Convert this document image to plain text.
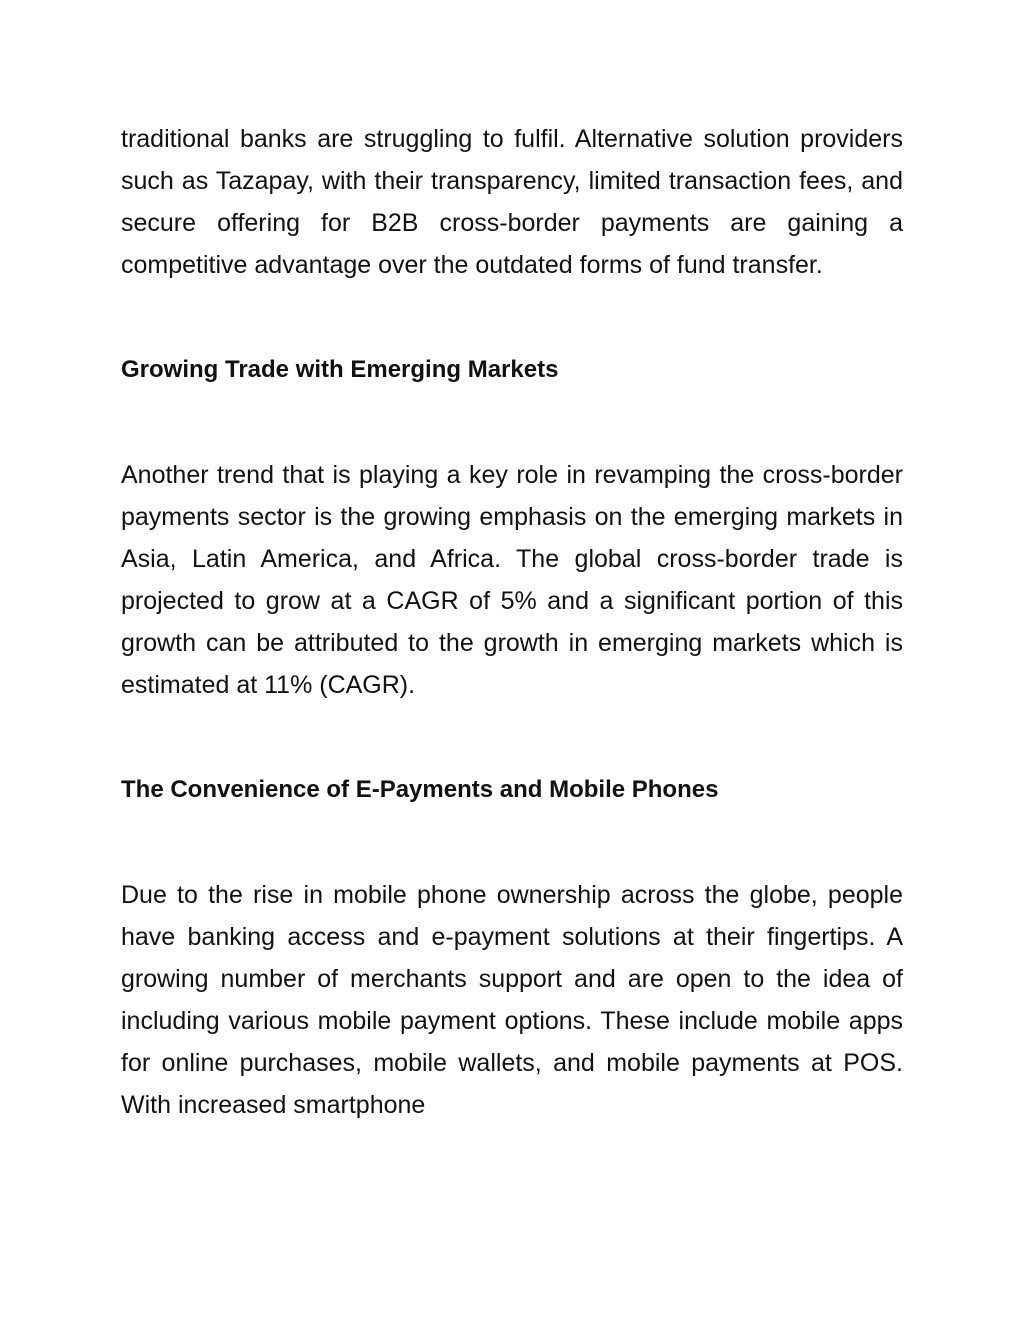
traditional banks are struggling to fulfil. Alternative solution providers such as Tazapay, with their transparency, limited transaction fees, and secure offering for B2B cross-border payments are gaining a competitive advantage over the outdated forms of fund transfer.

Growing Trade with Emerging Markets

Another trend that is playing a key role in revamping the cross-border payments sector is the growing emphasis on the emerging markets in Asia, Latin America, and Africa. The global cross-border trade is projected to grow at a CAGR of 5% and a significant portion of this growth can be attributed to the growth in emerging markets which is estimated at 11% (CAGR).

The Convenience of E-Payments and Mobile Phones

Due to the rise in mobile phone ownership across the globe, people have banking access and e-payment solutions at their fingertips. A growing number of merchants support and are open to the idea of including various mobile payment options. These include mobile apps for online purchases, mobile wallets, and mobile payments at POS. With increased smartphone
